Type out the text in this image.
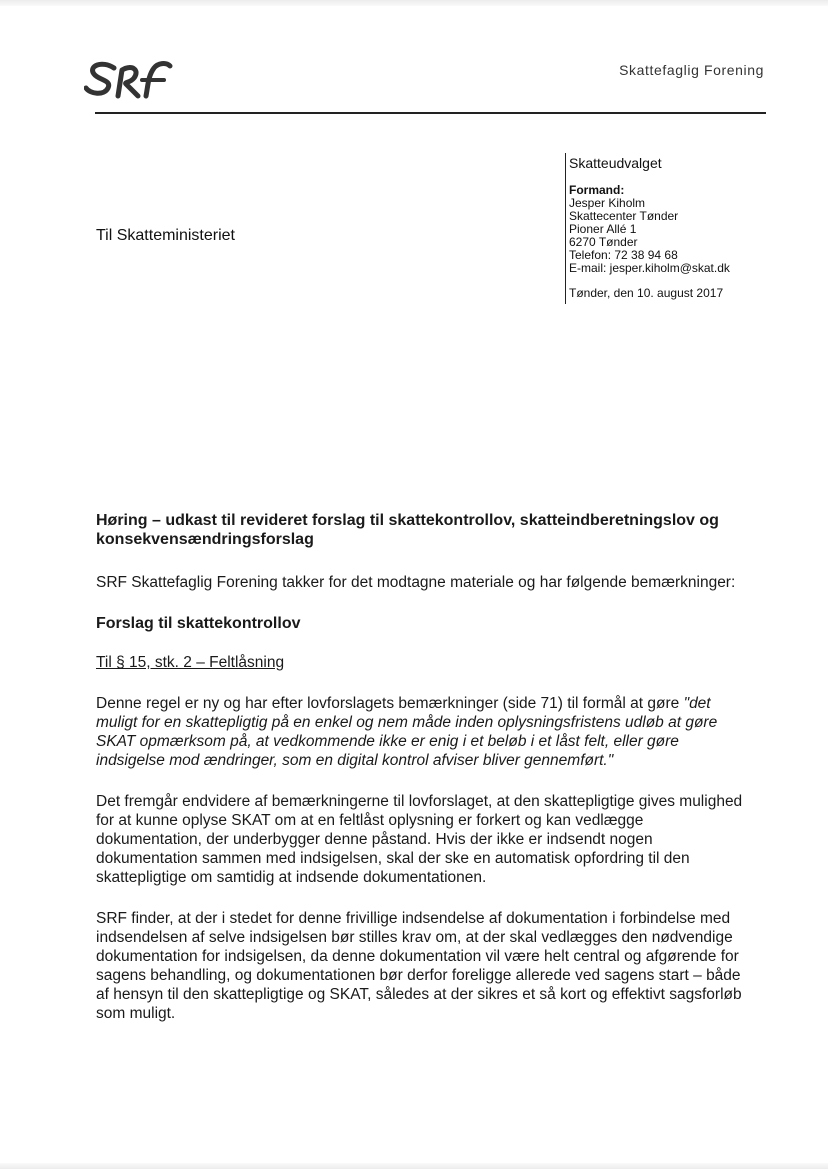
Skattefaglig Forening
Til Skatteministeriet
Skatteudvalget
Formand:
Jesper Kiholm
Skattecenter Tønder
Pioner Allé 1
6270 Tønder
Telefon: 72 38 94 68
E-mail: jesper.kiholm@skat.dk
Tønder, den 10. august 2017

Høring – udkast til revideret forslag til skattekontrollov, skatteindberetningslov og konsekvensændringsforslag

SRF Skattefaglig Forening takker for det modtagne materiale og har følgende bemærkninger:

Forslag til skattekontrollov

Til § 15, stk. 2 – Feltlåsning

Denne regel er ny og har efter lovforslagets bemærkninger (side 71) til formål at gøre "det muligt for en skattepligtig på en enkel og nem måde inden oplysningsfristens udløb at gøre SKAT opmærksom på, at vedkommende ikke er enig i et beløb i et låst felt, eller gøre indsigelse mod ændringer, som en digital kontrol afviser bliver gennemført."

Det fremgår endvidere af bemærkningerne til lovforslaget, at den skattepligtige gives mulighed for at kunne oplyse SKAT om at en feltlåst oplysning er forkert og kan vedlægge dokumentation, der underbygger denne påstand. Hvis der ikke er indsendt nogen dokumentation sammen med indsigelsen, skal der ske en automatisk opfordring til den skattepligtige om samtidig at indsende dokumentationen.

SRF finder, at der i stedet for denne frivillige indsendelse af dokumentation i forbindelse med indsendelsen af selve indsigelsen bør stilles krav om, at der skal vedlægges den nødvendige dokumentation for indsigelsen, da denne dokumentation vil være helt central og afgørende for sagens behandling, og dokumentationen bør derfor foreligge allerede ved sagens start – både af hensyn til den skattepligtige og SKAT, således at der sikres et så kort og effektivt sagsforløb som muligt.
